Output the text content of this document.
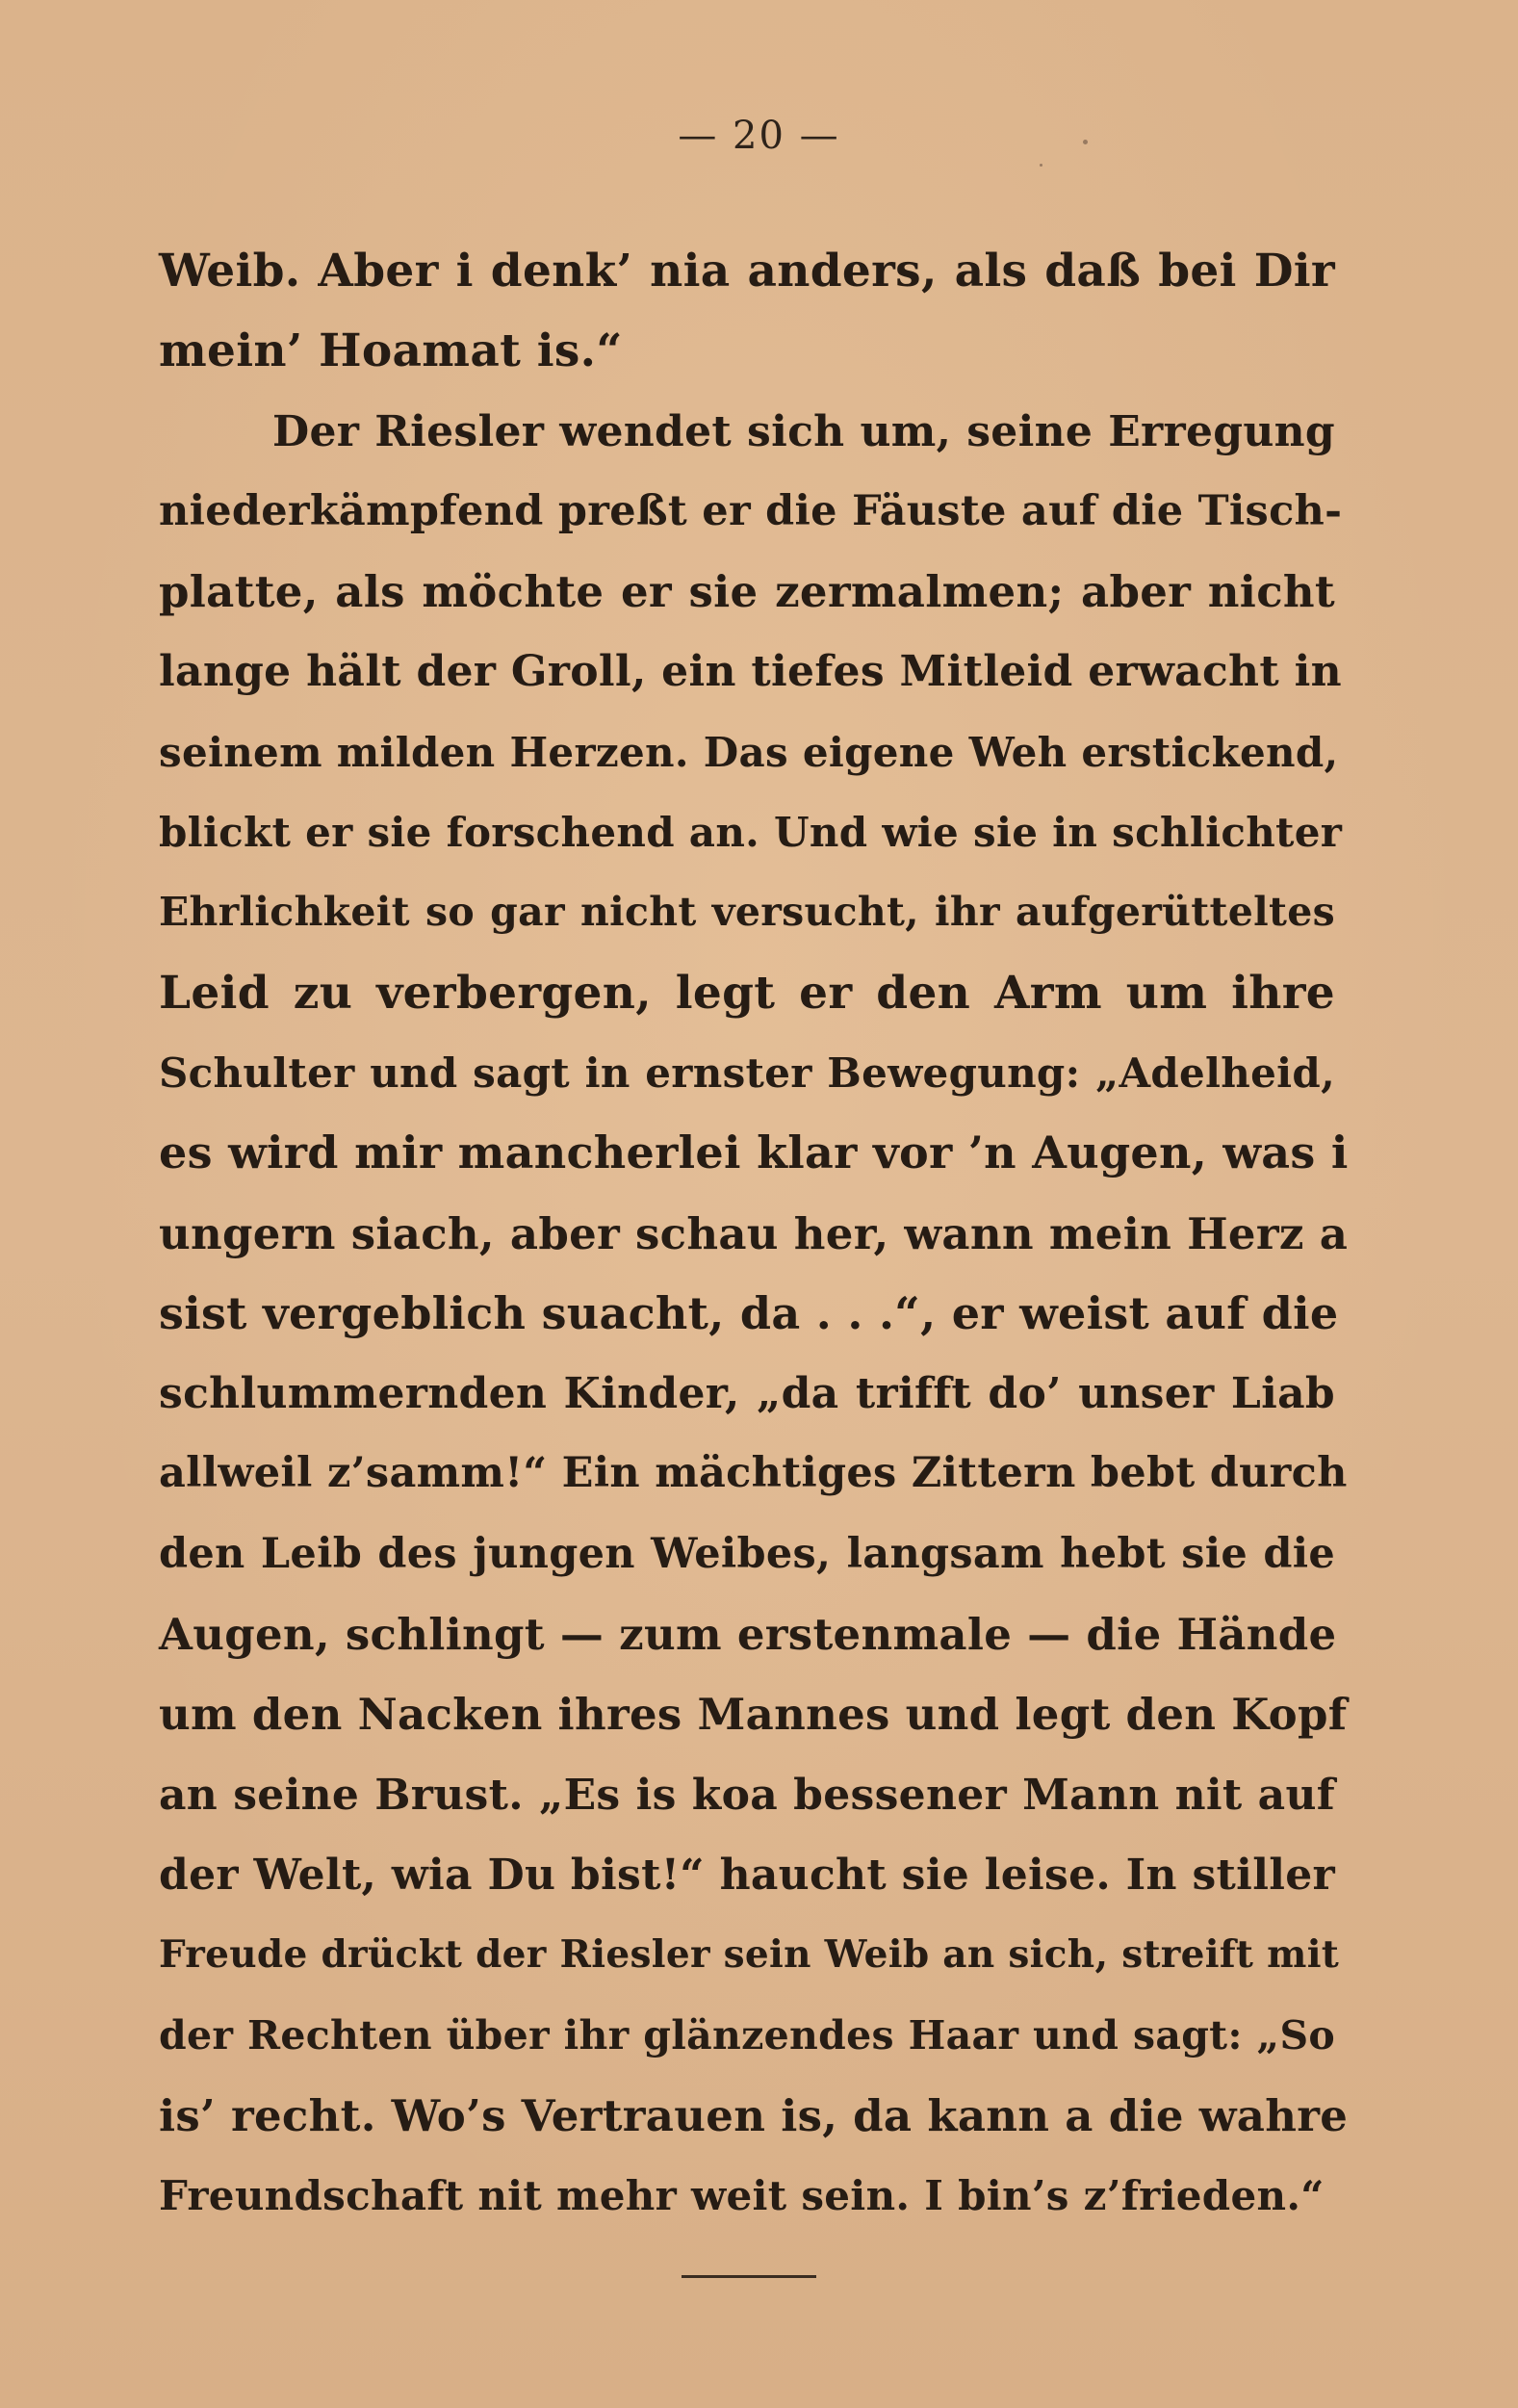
— 20 —
Weib. Aber i denk’ nia anders, als daß bei Dir
mein’ Hoamat is.“
Der Riesler wendet sich um, seine Erregung
niederkämpfend preßt er die Fäuste auf die Tisch-
platte, als möchte er sie zermalmen; aber nicht
lange hält der Groll, ein tiefes Mitleid erwacht in
seinem milden Herzen. Das eigene Weh erstickend,
blickt er sie forschend an. Und wie sie in schlichter
Ehrlichkeit so gar nicht versucht, ihr aufgerütteltes
Leid zu verbergen, legt er den Arm um ihre
Schulter und sagt in ernster Bewegung: „Adelheid,
es wird mir mancherlei klar vor ’n Augen, was i
ungern siach, aber schau her, wann mein Herz a
sist vergeblich suacht, da . . .“, er weist auf die
schlummernden Kinder, „da trifft do’ unser Liab
allweil z’samm!“ Ein mächtiges Zittern bebt durch
den Leib des jungen Weibes, langsam hebt sie die
Augen, schlingt — zum erstenmale — die Hände
um den Nacken ihres Mannes und legt den Kopf
an seine Brust. „Es is koa bessener Mann nit auf
der Welt, wia Du bist!“ haucht sie leise. In stiller
Freude drückt der Riesler sein Weib an sich, streift mit
der Rechten über ihr glänzendes Haar und sagt: „So
is’ recht. Wo’s Vertrauen is, da kann a die wahre
Freundschaft nit mehr weit sein. I bin’s z’frieden.“
